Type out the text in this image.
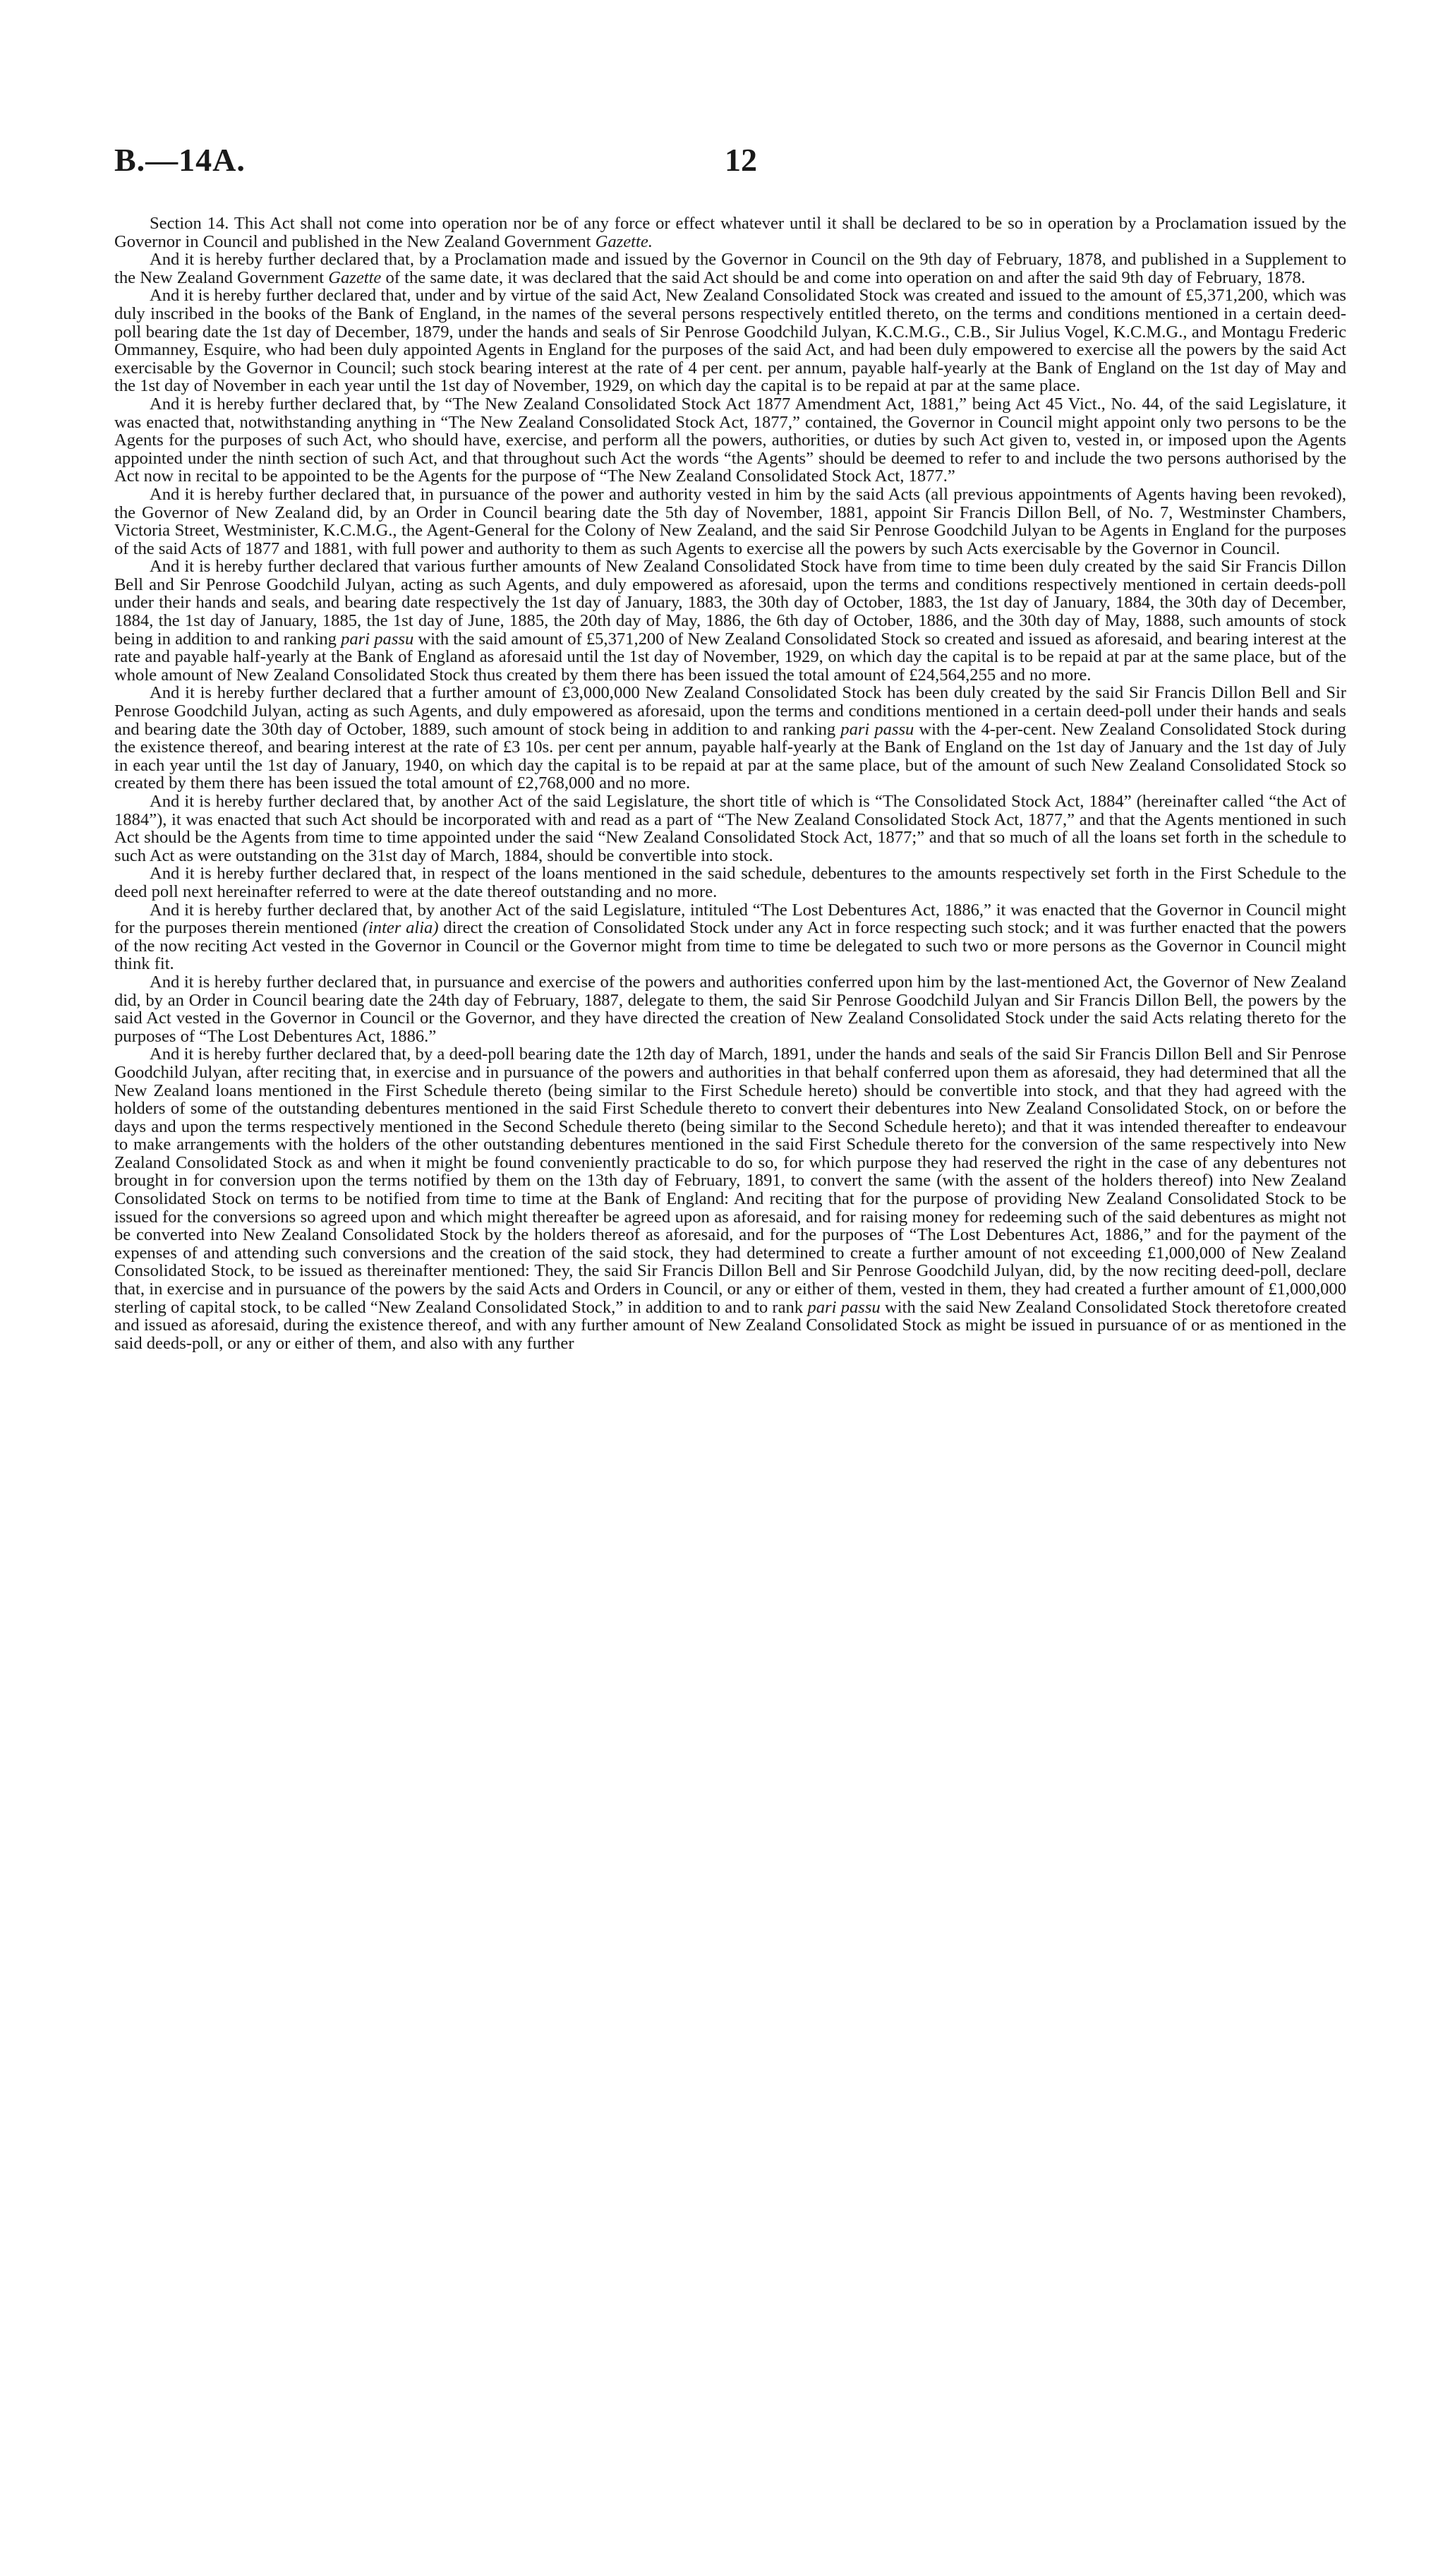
B.—14A.	12

Section 14. This Act shall not come into operation nor be of any force or effect whatever until it shall be declared to be so in operation by a Proclamation issued by the Governor in Council and published in the New Zealand Government Gazette.

And it is hereby further declared that, by a Proclamation made and issued by the Governor in Council on the 9th day of February, 1878, and published in a Supplement to the New Zealand Government Gazette of the same date, it was declared that the said Act should be and come into operation on and after the said 9th day of February, 1878.

And it is hereby further declared that, under and by virtue of the said Act, New Zealand Consolidated Stock was created and issued to the amount of £5,371,200, which was duly inscribed in the books of the Bank of England, in the names of the several persons respectively entitled thereto, on the terms and conditions mentioned in a certain deed-poll bearing date the 1st day of December, 1879, under the hands and seals of Sir Penrose Goodchild Julyan, K.C.M.G., C.B., Sir Julius Vogel, K.C.M.G., and Montagu Frederic Ommanney, Esquire, who had been duly appointed Agents in England for the purposes of the said Act, and had been duly empowered to exercise all the powers by the said Act exercisable by the Governor in Council; such stock bearing interest at the rate of 4 per cent. per annum, payable half-yearly at the Bank of England on the 1st day of May and the 1st day of November in each year until the 1st day of November, 1929, on which day the capital is to be repaid at par at the same place.

And it is hereby further declared that, by “The New Zealand Consolidated Stock Act 1877 Amendment Act, 1881,” being Act 45 Vict., No. 44, of the said Legislature, it was enacted that, notwithstanding anything in “The New Zealand Consolidated Stock Act, 1877,” contained, the Governor in Council might appoint only two persons to be the Agents for the purposes of such Act, who should have, exercise, and perform all the powers, authorities, or duties by such Act given to, vested in, or imposed upon the Agents appointed under the ninth section of such Act, and that throughout such Act the words “the Agents” should be deemed to refer to and include the two persons authorised by the Act now in recital to be appointed to be the Agents for the purpose of “The New Zealand Consolidated Stock Act, 1877.”

And it is hereby further declared that, in pursuance of the power and authority vested in him by the said Acts (all previous appointments of Agents having been revoked), the Governor of New Zealand did, by an Order in Council bearing date the 5th day of November, 1881, appoint Sir Francis Dillon Bell, of No. 7, Westminster Chambers, Victoria Street, Westminister, K.C.M.G., the Agent-General for the Colony of New Zealand, and the said Sir Penrose Goodchild Julyan to be Agents in England for the purposes of the said Acts of 1877 and 1881, with full power and authority to them as such Agents to exercise all the powers by such Acts exercisable by the Governor in Council.

And it is hereby further declared that various further amounts of New Zealand Consolidated Stock have from time to time been duly created by the said Sir Francis Dillon Bell and Sir Penrose Goodchild Julyan, acting as such Agents, and duly empowered as aforesaid, upon the terms and conditions respectively mentioned in certain deeds-poll under their hands and seals, and bearing date respectively the 1st day of January, 1883, the 30th day of October, 1883, the 1st day of January, 1884, the 30th day of December, 1884, the 1st day of January, 1885, the 1st day of June, 1885, the 20th day of May, 1886, the 6th day of October, 1886, and the 30th day of May, 1888, such amounts of stock being in addition to and ranking pari passu with the said amount of £5,371,200 of New Zealand Consolidated Stock so created and issued as aforesaid, and bearing interest at the rate and payable half-yearly at the Bank of England as aforesaid until the 1st day of November, 1929, on which day the capital is to be repaid at par at the same place, but of the whole amount of New Zealand Consolidated Stock thus created by them there has been issued the total amount of £24,564,255 and no more.

And it is hereby further declared that a further amount of £3,000,000 New Zealand Consolidated Stock has been duly created by the said Sir Francis Dillon Bell and Sir Penrose Goodchild Julyan, acting as such Agents, and duly empowered as aforesaid, upon the terms and conditions mentioned in a certain deed-poll under their hands and seals and bearing date the 30th day of October, 1889, such amount of stock being in addition to and ranking pari passu with the 4-per-cent. New Zealand Consolidated Stock during the existence thereof, and bearing interest at the rate of £3 10s. per cent per annum, payable half-yearly at the Bank of England on the 1st day of January and the 1st day of July in each year until the 1st day of January, 1940, on which day the capital is to be repaid at par at the same place, but of the amount of such New Zealand Consolidated Stock so created by them there has been issued the total amount of £2,768,000 and no more.

And it is hereby further declared that, by another Act of the said Legislature, the short title of which is “The Consolidated Stock Act, 1884” (hereinafter called “the Act of 1884”), it was enacted that such Act should be incorporated with and read as a part of “The New Zealand Consolidated Stock Act, 1877,” and that the Agents mentioned in such Act should be the Agents from time to time appointed under the said “New Zealand Consolidated Stock Act, 1877;” and that so much of all the loans set forth in the schedule to such Act as were outstanding on the 31st day of March, 1884, should be convertible into stock.

And it is hereby further declared that, in respect of the loans mentioned in the said schedule, debentures to the amounts respectively set forth in the First Schedule to the deed poll next hereinafter referred to were at the date thereof outstanding and no more.

And it is hereby further declared that, by another Act of the said Legislature, intituled “The Lost Debentures Act, 1886,” it was enacted that the Governor in Council might for the purposes therein mentioned (inter alia) direct the creation of Consolidated Stock under any Act in force respecting such stock; and it was further enacted that the powers of the now reciting Act vested in the Governor in Council or the Governor might from time to time be delegated to such two or more persons as the Governor in Council might think fit.

And it is hereby further declared that, in pursuance and exercise of the powers and authorities conferred upon him by the last-mentioned Act, the Governor of New Zealand did, by an Order in Council bearing date the 24th day of February, 1887, delegate to them, the said Sir Penrose Goodchild Julyan and Sir Francis Dillon Bell, the powers by the said Act vested in the Governor in Council or the Governor, and they have directed the creation of New Zealand Consolidated Stock under the said Acts relating thereto for the purposes of “The Lost Debentures Act, 1886.”

And it is hereby further declared that, by a deed-poll bearing date the 12th day of March, 1891, under the hands and seals of the said Sir Francis Dillon Bell and Sir Penrose Goodchild Julyan, after reciting that, in exercise and in pursuance of the powers and authorities in that behalf conferred upon them as aforesaid, they had determined that all the New Zealand loans mentioned in the First Schedule thereto (being similar to the First Schedule hereto) should be convertible into stock, and that they had agreed with the holders of some of the outstanding debentures mentioned in the said First Schedule thereto to convert their debentures into New Zealand Consolidated Stock, on or before the days and upon the terms respectively mentioned in the Second Schedule thereto (being similar to the Second Schedule hereto); and that it was intended thereafter to endeavour to make arrangements with the holders of the other outstanding debentures mentioned in the said First Schedule thereto for the conversion of the same respectively into New Zealand Consolidated Stock as and when it might be found conveniently practicable to do so, for which purpose they had reserved the right in the case of any debentures not brought in for conversion upon the terms notified by them on the 13th day of February, 1891, to convert the same (with the assent of the holders thereof) into New Zealand Consolidated Stock on terms to be notified from time to time at the Bank of England: And reciting that for the purpose of providing New Zealand Consolidated Stock to be issued for the conversions so agreed upon and which might thereafter be agreed upon as aforesaid, and for raising money for redeeming such of the said debentures as might not be converted into New Zealand Consolidated Stock by the holders thereof as aforesaid, and for the purposes of “The Lost Debentures Act, 1886,” and for the payment of the expenses of and attending such conversions and the creation of the said stock, they had determined to create a further amount of not exceeding £1,000,000 of New Zealand Consolidated Stock, to be issued as thereinafter mentioned: They, the said Sir Francis Dillon Bell and Sir Penrose Goodchild Julyan, did, by the now reciting deed-poll, declare that, in exercise and in pursuance of the powers by the said Acts and Orders in Council, or any or either of them, vested in them, they had created a further amount of £1,000,000 sterling of capital stock, to be called “New Zealand Consolidated Stock,” in addition to and to rank pari passu with the said New Zealand Consolidated Stock theretofore created and issued as aforesaid, during the existence thereof, and with any further amount of New Zealand Consolidated Stock as might be issued in pursuance of or as mentioned in the said deeds-poll, or any or either of them, and also with any further
